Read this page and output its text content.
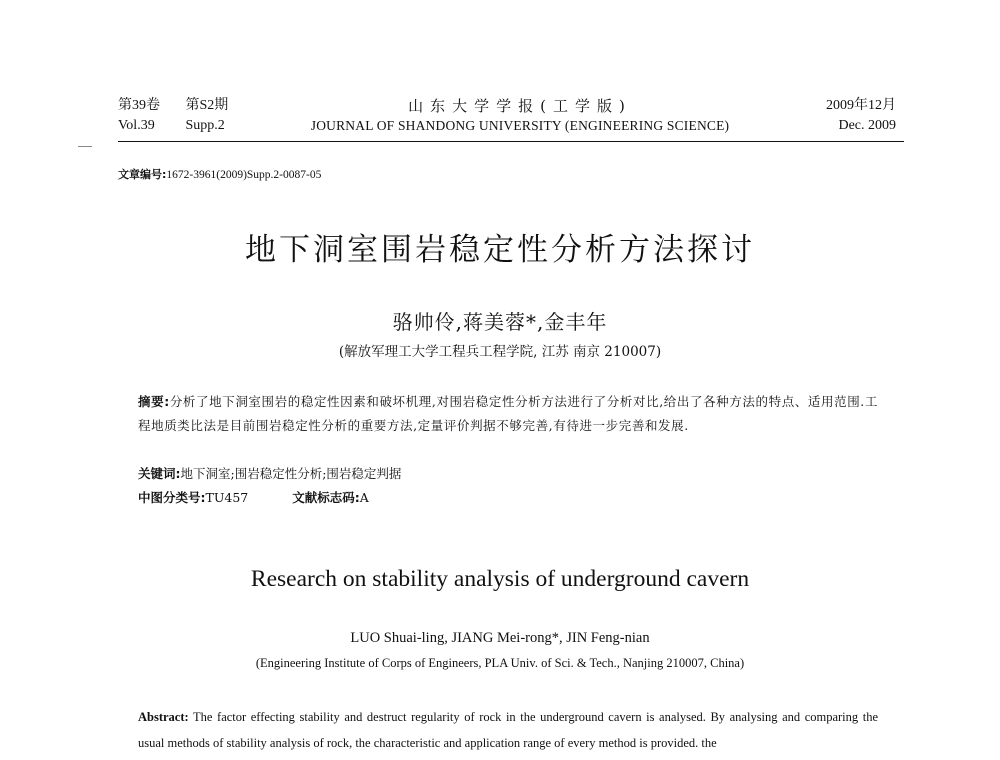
第39卷 第S2期
Vol.39 Supp.2
山东大学学报(工学版)
JOURNAL OF SHANDONG UNIVERSITY (ENGINEERING SCIENCE)
2009年12月
Dec. 2009
文章编号:1672-3961(2009)Supp.2-0087-05
地下洞室围岩稳定性分析方法探讨
骆帅伶,蒋美蓉*,金丰年
(解放军理工大学工程兵工程学院, 江苏 南京 210007)
摘要:分析了地下洞室围岩的稳定性因素和破坏机理,对围岩稳定性分析方法进行了分析对比,给出了各种方法的特点、适用范围.工程地质类比法是目前围岩稳定性分析的重要方法,定量评价判据不够完善,有待进一步完善和发展.
关键词:地下洞室;围岩稳定性分析;围岩稳定判据
中图分类号:TU457	文献标志码:A
Research on stability analysis of underground cavern
LUO Shuai-ling, JIANG Mei-rong*, JIN Feng-nian
(Engineering Institute of Corps of Engineers, PLA Univ. of Sci. & Tech., Nanjing 210007, China)
Abstract: The factor effecting stability and destruct regularity of rock in the underground cavern is analysed. By analysing and comparing the usual methods of stability analysis of rock, the characteristic and application range of every method is provided. the
